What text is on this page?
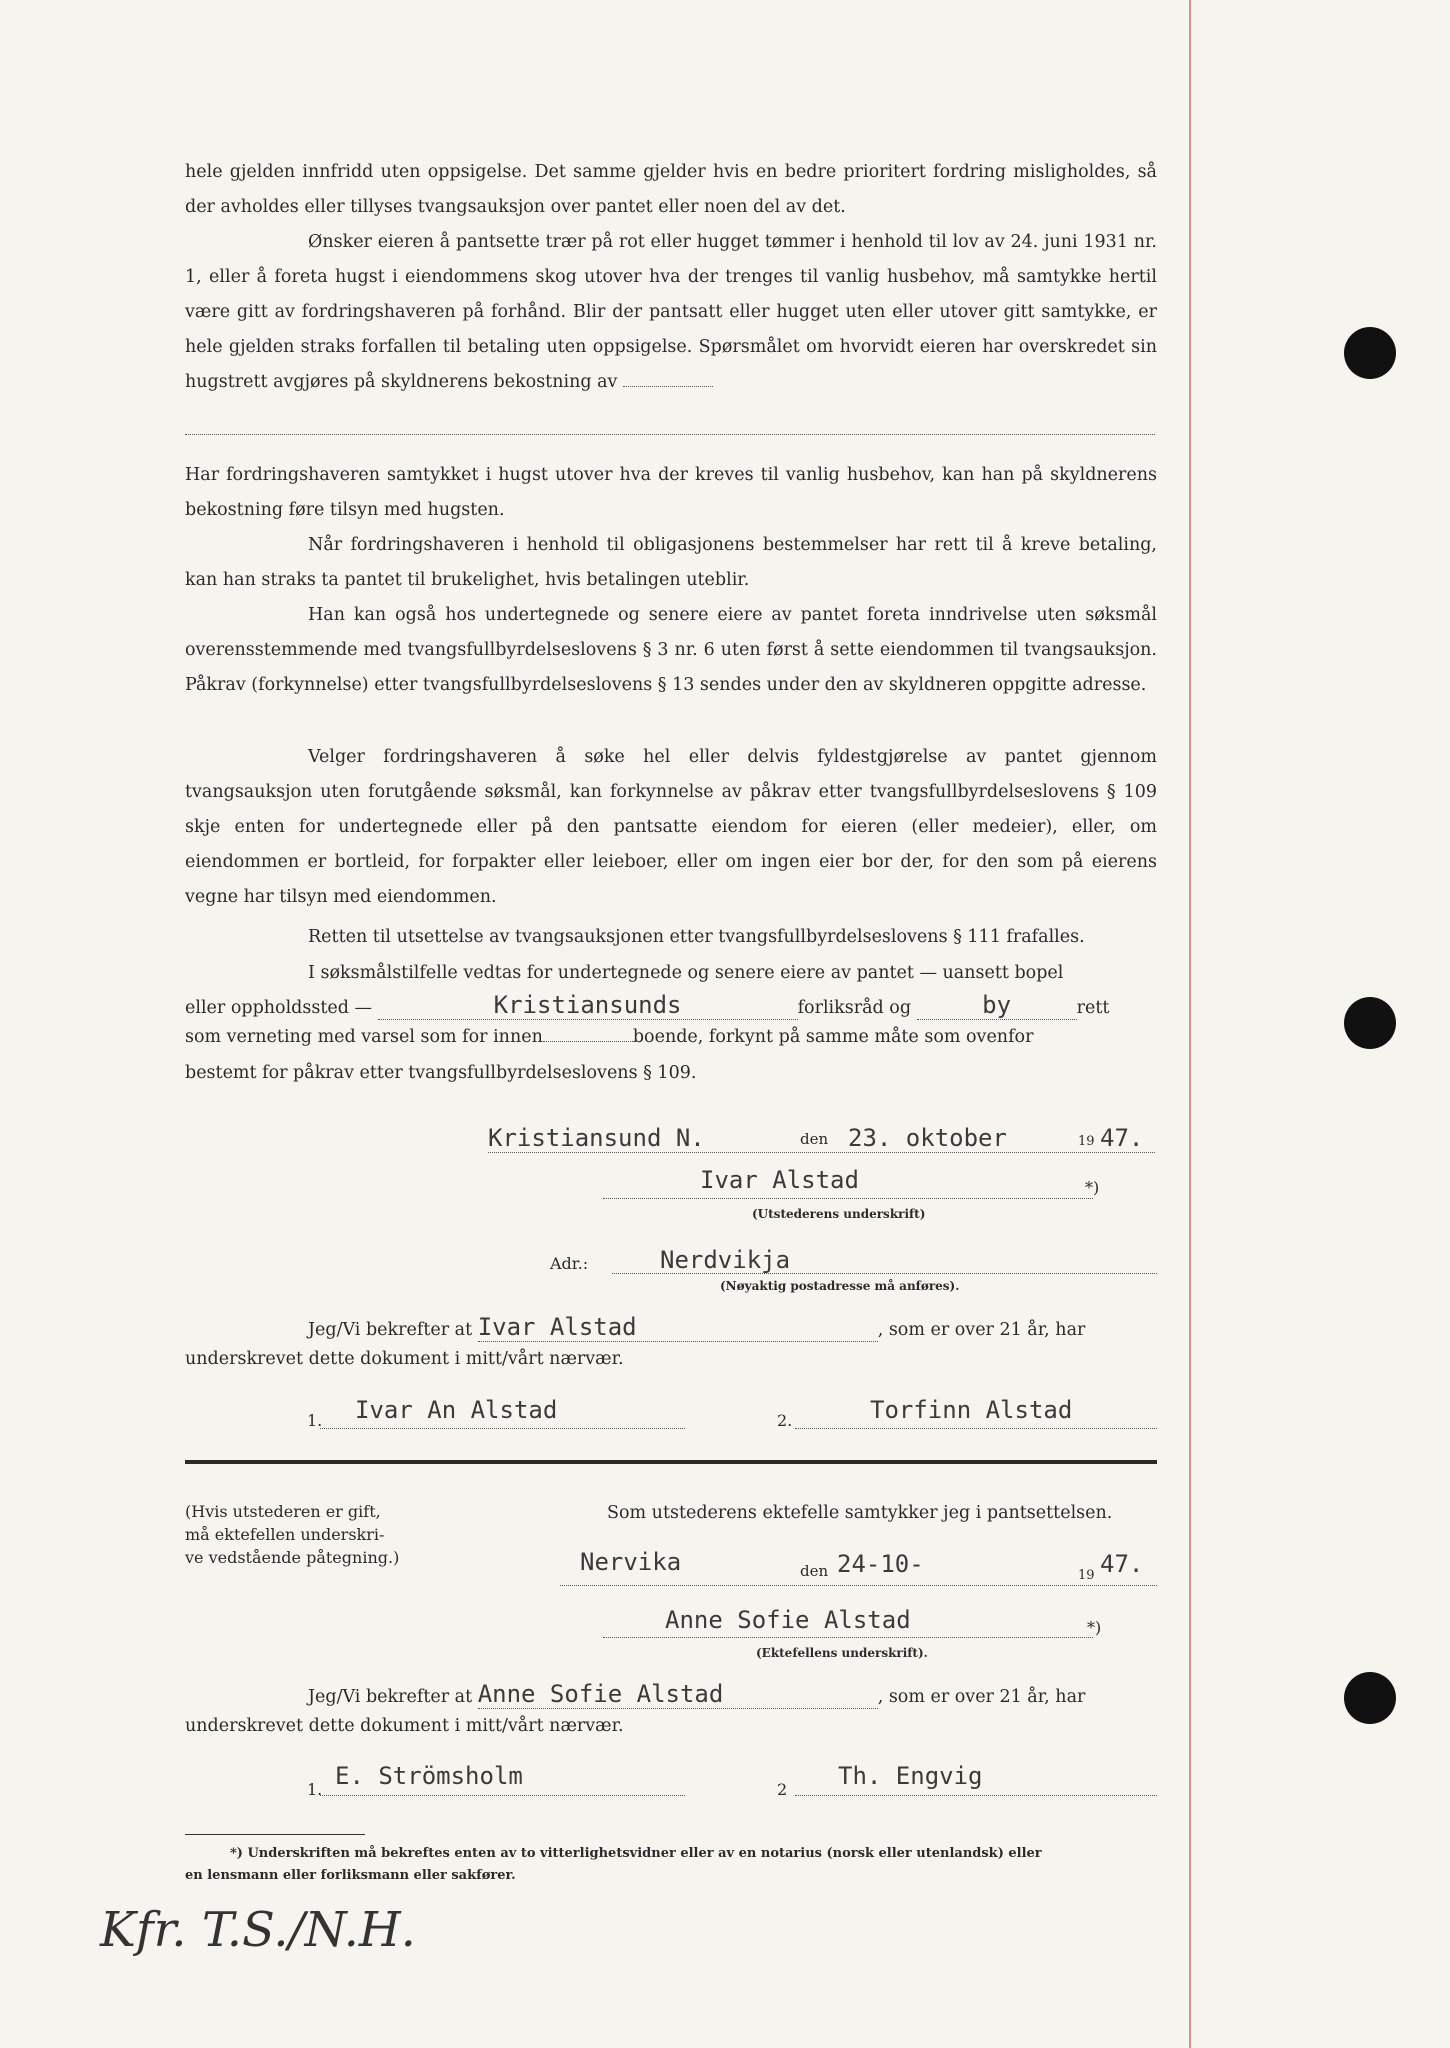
hele gjelden innfridd uten oppsigelse. Det samme gjelder hvis en bedre prioritert fordring misligholdes, så der avholdes eller tillyses tvangsauksjon over pantet eller noen del av det.

Ønsker eieren å pantsette trær på rot eller hugget tømmer i henhold til lov av 24. juni 1931 nr. 1, eller å foreta hugst i eiendommens skog utover hva der trenges til vanlig husbehov, må samtykke hertil være gitt av fordringshaveren på forhånd. Blir der pantsatt eller hugget uten eller utover gitt samtykke, er hele gjelden straks forfallen til betaling uten oppsigelse. Spørsmålet om hvorvidt eieren har overskredet sin hugstrett avgjøres på skyldnerens bekostning av

Har fordringshaveren samtykket i hugst utover hva der kreves til vanlig husbehov, kan han på skyldnerens bekostning føre tilsyn med hugsten.

Når fordringshaveren i henhold til obligasjonens bestemmelser har rett til å kreve betaling, kan han straks ta pantet til brukelighet, hvis betalingen uteblir.

Han kan også hos undertegnede og senere eiere av pantet foreta inndrivelse uten søksmål overensstemmende med tvangsfullbyrdelseslovens § 3 nr. 6 uten først å sette eiendommen til tvangsauksjon. Påkrav (forkynnelse) etter tvangsfullbyrdelseslovens § 13 sendes under den av skyldneren oppgitte adresse.

Velger fordringshaveren å søke hel eller delvis fyldestgjørelse av pantet gjennom tvangsauksjon uten forutgående søksmål, kan forkynnelse av påkrav etter tvangsfullbyrdelseslovens § 109 skje enten for undertegnede eller på den pantsatte eiendom for eieren (eller medeier), eller, om eiendommen er bortleid, for forpakter eller leieboer, eller om ingen eier bor der, for den som på eierens vegne har tilsyn med eiendommen.

Retten til utsettelse av tvangsauksjonen etter tvangsfullbyrdelseslovens § 111 frafalles.

I søksmålstilfelle vedtas for undertegnede og senere eiere av pantet — uansett bopel

eller oppholdssted —	Kristiansunds	forliksråd og	by	rett
som verneting med varsel som for innen	boende, forkynt på samme måte som ovenfor
bestemt for påkrav etter tvangsfullbyrdelseslovens § 109.
Kristiansund N.	den 23. oktober	19 47.
Ivar Alstad	*)
(Utstederens underskrift)
Adr.:	Nerdvikja
(Nøyaktig postadresse må anføres).
Jeg/Vi bekrefter at Ivar Alstad	, som er over 21 år, har
underskrevet dette dokument i mitt/vårt nærvær.
1. Ivar An Alstad	2.	Torfinn Alstad
(Hvis utstederen er gift,
må ektefellen underskri-
ve vedstående påtegning.)
Som utstederens ektefelle samtykker jeg i pantsettelsen.
Nervika	den 24-10-	19 47.
Anne Sofie Alstad	*)
(Ektefellens underskrift).
Jeg/Vi bekrefter at Anne Sofie Alstad	, som er over 21 år, har
underskrevet dette dokument i mitt/vårt nærvær.
1. E. Strömsholm	2 Th. Engvig
*) Underskriften må bekreftes enten av to vitterlighetsvidner eller av en notarius (norsk eller utenlandsk) eller
en lensmann eller forliksmann eller sakfører.
Kfr. T.S./N.H.
